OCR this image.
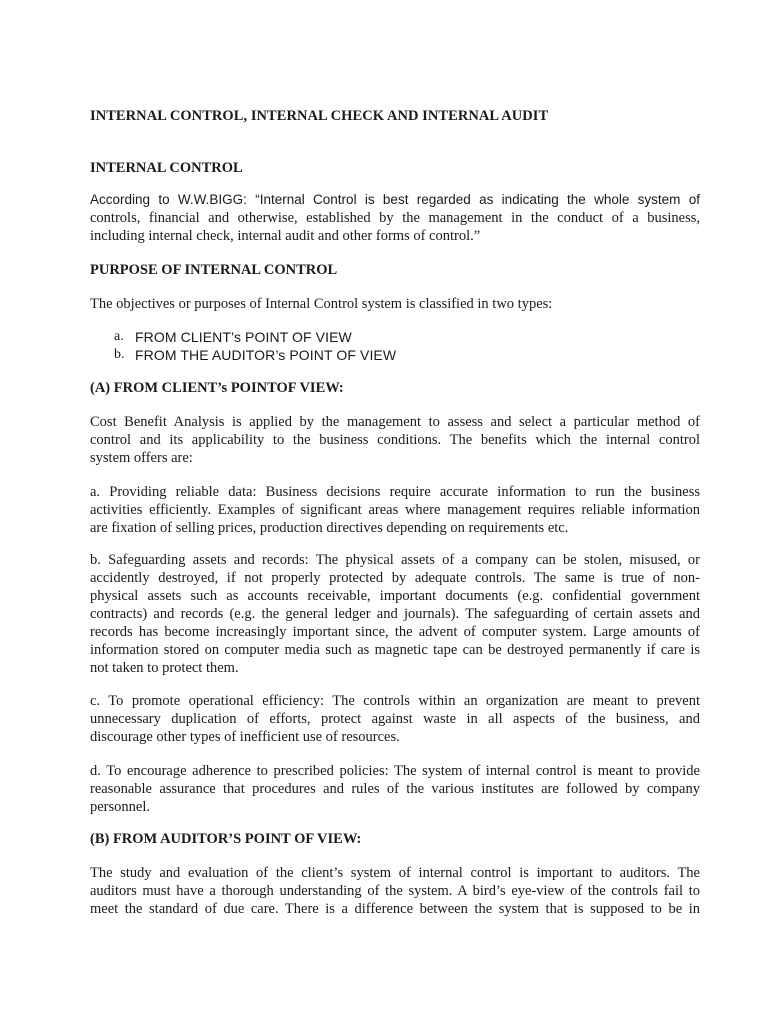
INTERNAL CONTROL, INTERNAL CHECK AND INTERNAL AUDIT
INTERNAL CONTROL
According to W.W.BIGG: “Internal Control is best regarded as indicating the whole system of
controls, financial and otherwise, established by the management in the conduct of a business,
including internal check, internal audit and other forms of control.”
PURPOSE OF INTERNAL CONTROL
The objectives or purposes of Internal Control system is classified in two types:
a. FROM CLIENT’s POINT OF VIEW
b. FROM THE AUDITOR’s POINT OF VIEW
(A) FROM CLIENT’s POINTOF VIEW:
Cost Benefit Analysis is applied by the management to assess and select a particular method of
control and its applicability to the business conditions. The benefits which the internal control
system offers are:
a. Providing reliable data: Business decisions require accurate information to run the business
activities efficiently. Examples of significant areas where management requires reliable information
are fixation of selling prices, production directives depending on requirements etc.
b. Safeguarding assets and records: The physical assets of a company can be stolen, misused, or
accidently destroyed, if not properly protected by adequate controls. The same is true of non-
physical assets such as accounts receivable, important documents (e.g. confidential government
contracts) and records (e.g. the general ledger and journals). The safeguarding of certain assets and
records has become increasingly important since, the advent of computer system. Large amounts of
information stored on computer media such as magnetic tape can be destroyed permanently if care is
not taken to protect them.
c. To promote operational efficiency: The controls within an organization are meant to prevent
unnecessary duplication of efforts, protect against waste in all aspects of the business, and
discourage other types of inefficient use of resources.
d. To encourage adherence to prescribed policies: The system of internal control is meant to provide
reasonable assurance that procedures and rules of the various institutes are followed by company
personnel.
(B) FROM AUDITOR’S POINT OF VIEW:
The study and evaluation of the client’s system of internal control is important to auditors. The
auditors must have a thorough understanding of the system. A bird’s eye-view of the controls fail to
meet the standard of due care. There is a difference between the system that is supposed to be in
